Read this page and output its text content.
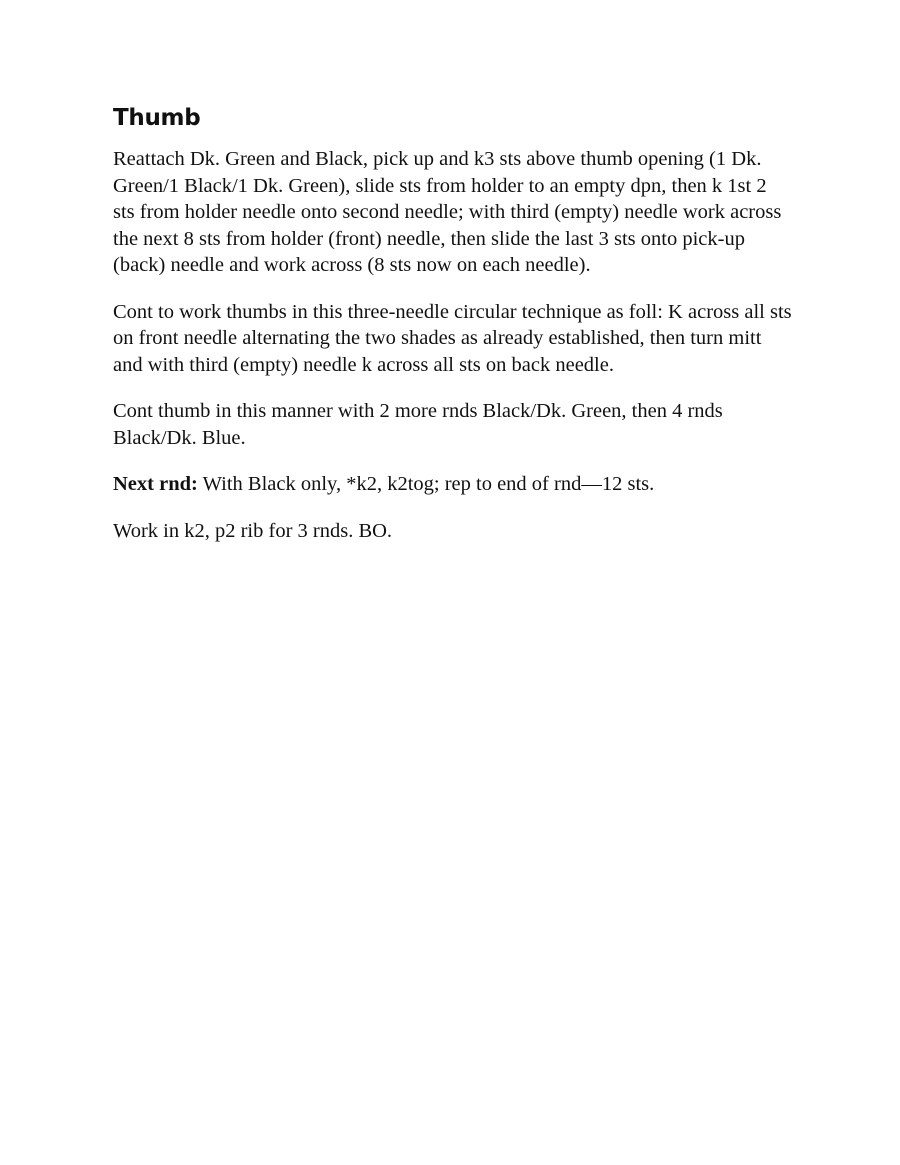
Thumb

Reattach Dk. Green and Black, pick up and k3 sts above thumb opening (1 Dk. Green/1 Black/1 Dk. Green), slide sts from holder to an empty dpn, then k 1st 2 sts from holder needle onto second needle; with third (empty) needle work across the next 8 sts from holder (front) needle, then slide the last 3 sts onto pick-up (back) needle and work across (8 sts now on each needle).

Cont to work thumbs in this three-needle circular technique as foll: K across all sts on front needle alternating the two shades as already established, then turn mitt and with third (empty) needle k across all sts on back needle.

Cont thumb in this manner with 2 more rnds Black/Dk. Green, then 4 rnds Black/Dk. Blue.

Next rnd: With Black only, *k2, k2tog; rep to end of rnd—12 sts.

Work in k2, p2 rib for 3 rnds. BO.
